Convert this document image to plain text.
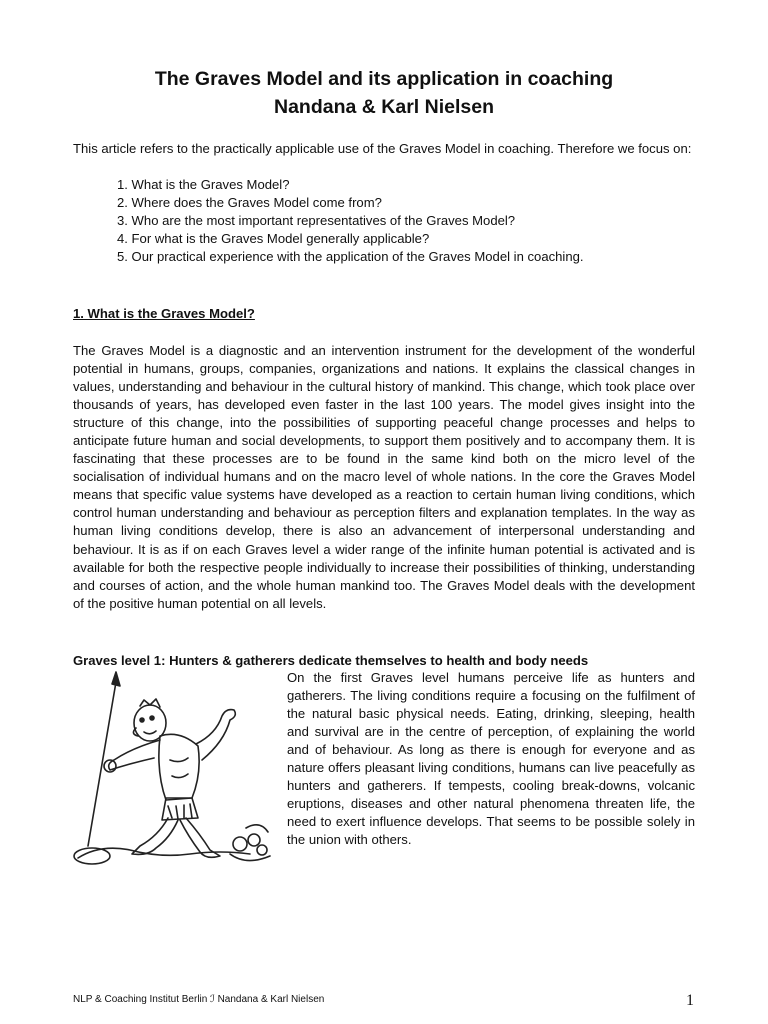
The Graves Model and its application in coaching
Nandana & Karl Nielsen

This article refers to the practically applicable use of the Graves Model in coaching. Therefore we focus on:

1. What is the Graves Model?
2. Where does the Graves Model come from?
3. Who are the most important representatives of the Graves Model?
4. For what is the Graves Model generally applicable?
5. Our practical experience with the application of the Graves Model in coaching.
1. What is the Graves Model?

The Graves Model is a diagnostic and an intervention instrument for the development of the wonderful potential in humans, groups, companies, organizations and nations. It explains the classical changes in values, understanding and behaviour in the cultural history of mankind. This change, which took place over thousands of years, has developed even faster in the last 100 years. The model gives insight into the structure of this change, into the possibilities of supporting peaceful change processes and helps to anticipate future human and social developments, to support them positively and to accompany them. It is fascinating that these processes are to be found in the same kind both on the micro level of the socialisation of individual humans and on the macro level of whole nations. In the core the Graves Model means that specific value systems have developed as a reaction to certain human living conditions, which control human understanding and behaviour as perception filters and explanation templates. In the way as human living conditions develop, there is also an advancement of interpersonal understanding and behaviour. It is as if on each Graves level a wider range of the infinite human potential is activated and is available for both the respective people individually to increase their possibilities of thinking, understanding and courses of action, and the whole human mankind too. The Graves Model deals with the development of the positive human potential on all levels.

Graves level 1: Hunters & gatherers dedicate themselves to health and body needs

On the first Graves level humans perceive life as hunters and gatherers. The living conditions require a focusing on the fulfilment of the natural basic physical needs. Eating, drinking, sleeping, health and survival are in the centre of perception, of explaining the world and of behaviour. As long as there is enough for everyone and as nature offers pleasant living conditions, humans can live peacefully as hunters and gatherers. If tempests, cooling break-downs, volcanic eruptions, diseases and other natural phenomena threaten life, the need to exert influence develops. That seems to be possible solely in the union with others.

NLP & Coaching Institut Berlin ℐ Nandana & Karl Nielsen	1
